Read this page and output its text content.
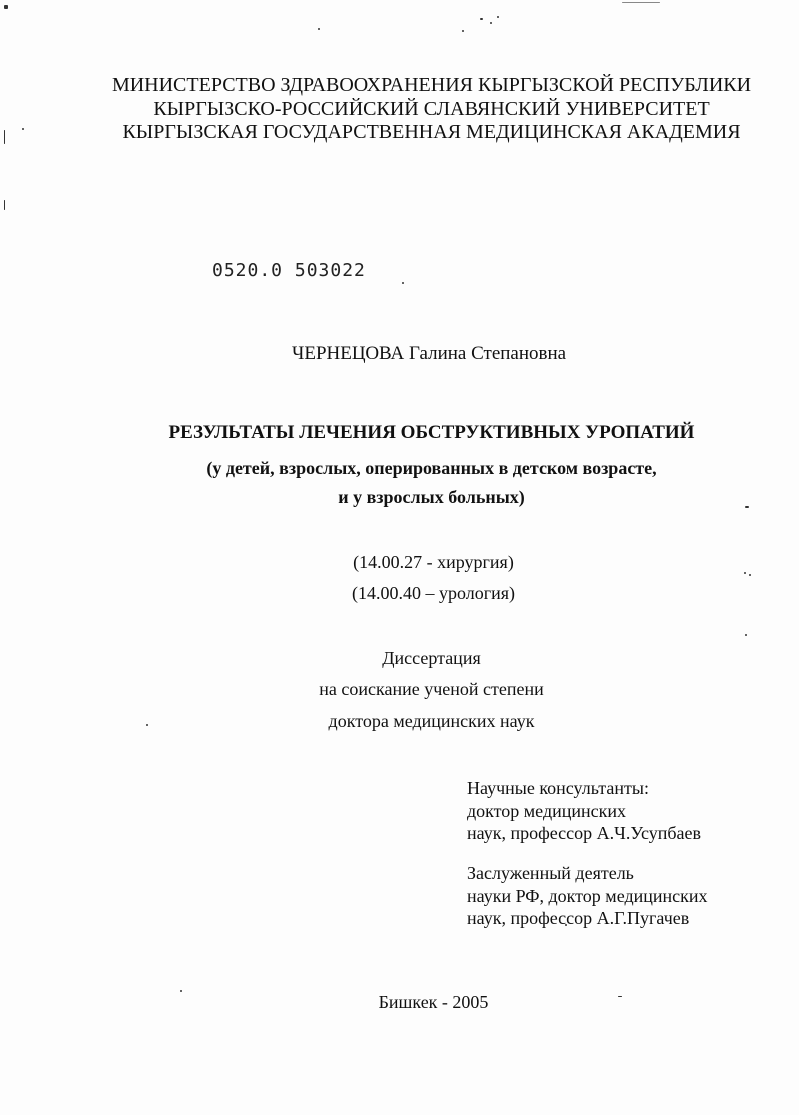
МИНИСТЕРСТВО ЗДРАВООХРАНЕНИЯ КЫРГЫЗСКОЙ РЕСПУБЛИКИ
КЫРГЫЗСКО-РОССИЙСКИЙ СЛАВЯНСКИЙ УНИВЕРСИТЕТ
КЫРГЫЗСКАЯ ГОСУДАРСТВЕННАЯ МЕДИЦИНСКАЯ АКАДЕМИЯ
0520.0 503022
ЧЕРНЕЦОВА Галина Степановна
РЕЗУЛЬТАТЫ ЛЕЧЕНИЯ ОБСТРУКТИВНЫХ УРОПАТИЙ
(у детей, взрослых, оперированных в детском возрасте,
и у взрослых больных)
(14.00.27 - хирургия)
(14.00.40 – урология)
Диссертация
на соискание ученой степени
доктора медицинских наук
Научные консультанты:
доктор медицинских
наук, профессор А.Ч.Усупбаев
Заслуженный деятель
науки РФ, доктор медицинских
наук, профессор А.Г.Пугачев
Бишкек - 2005
